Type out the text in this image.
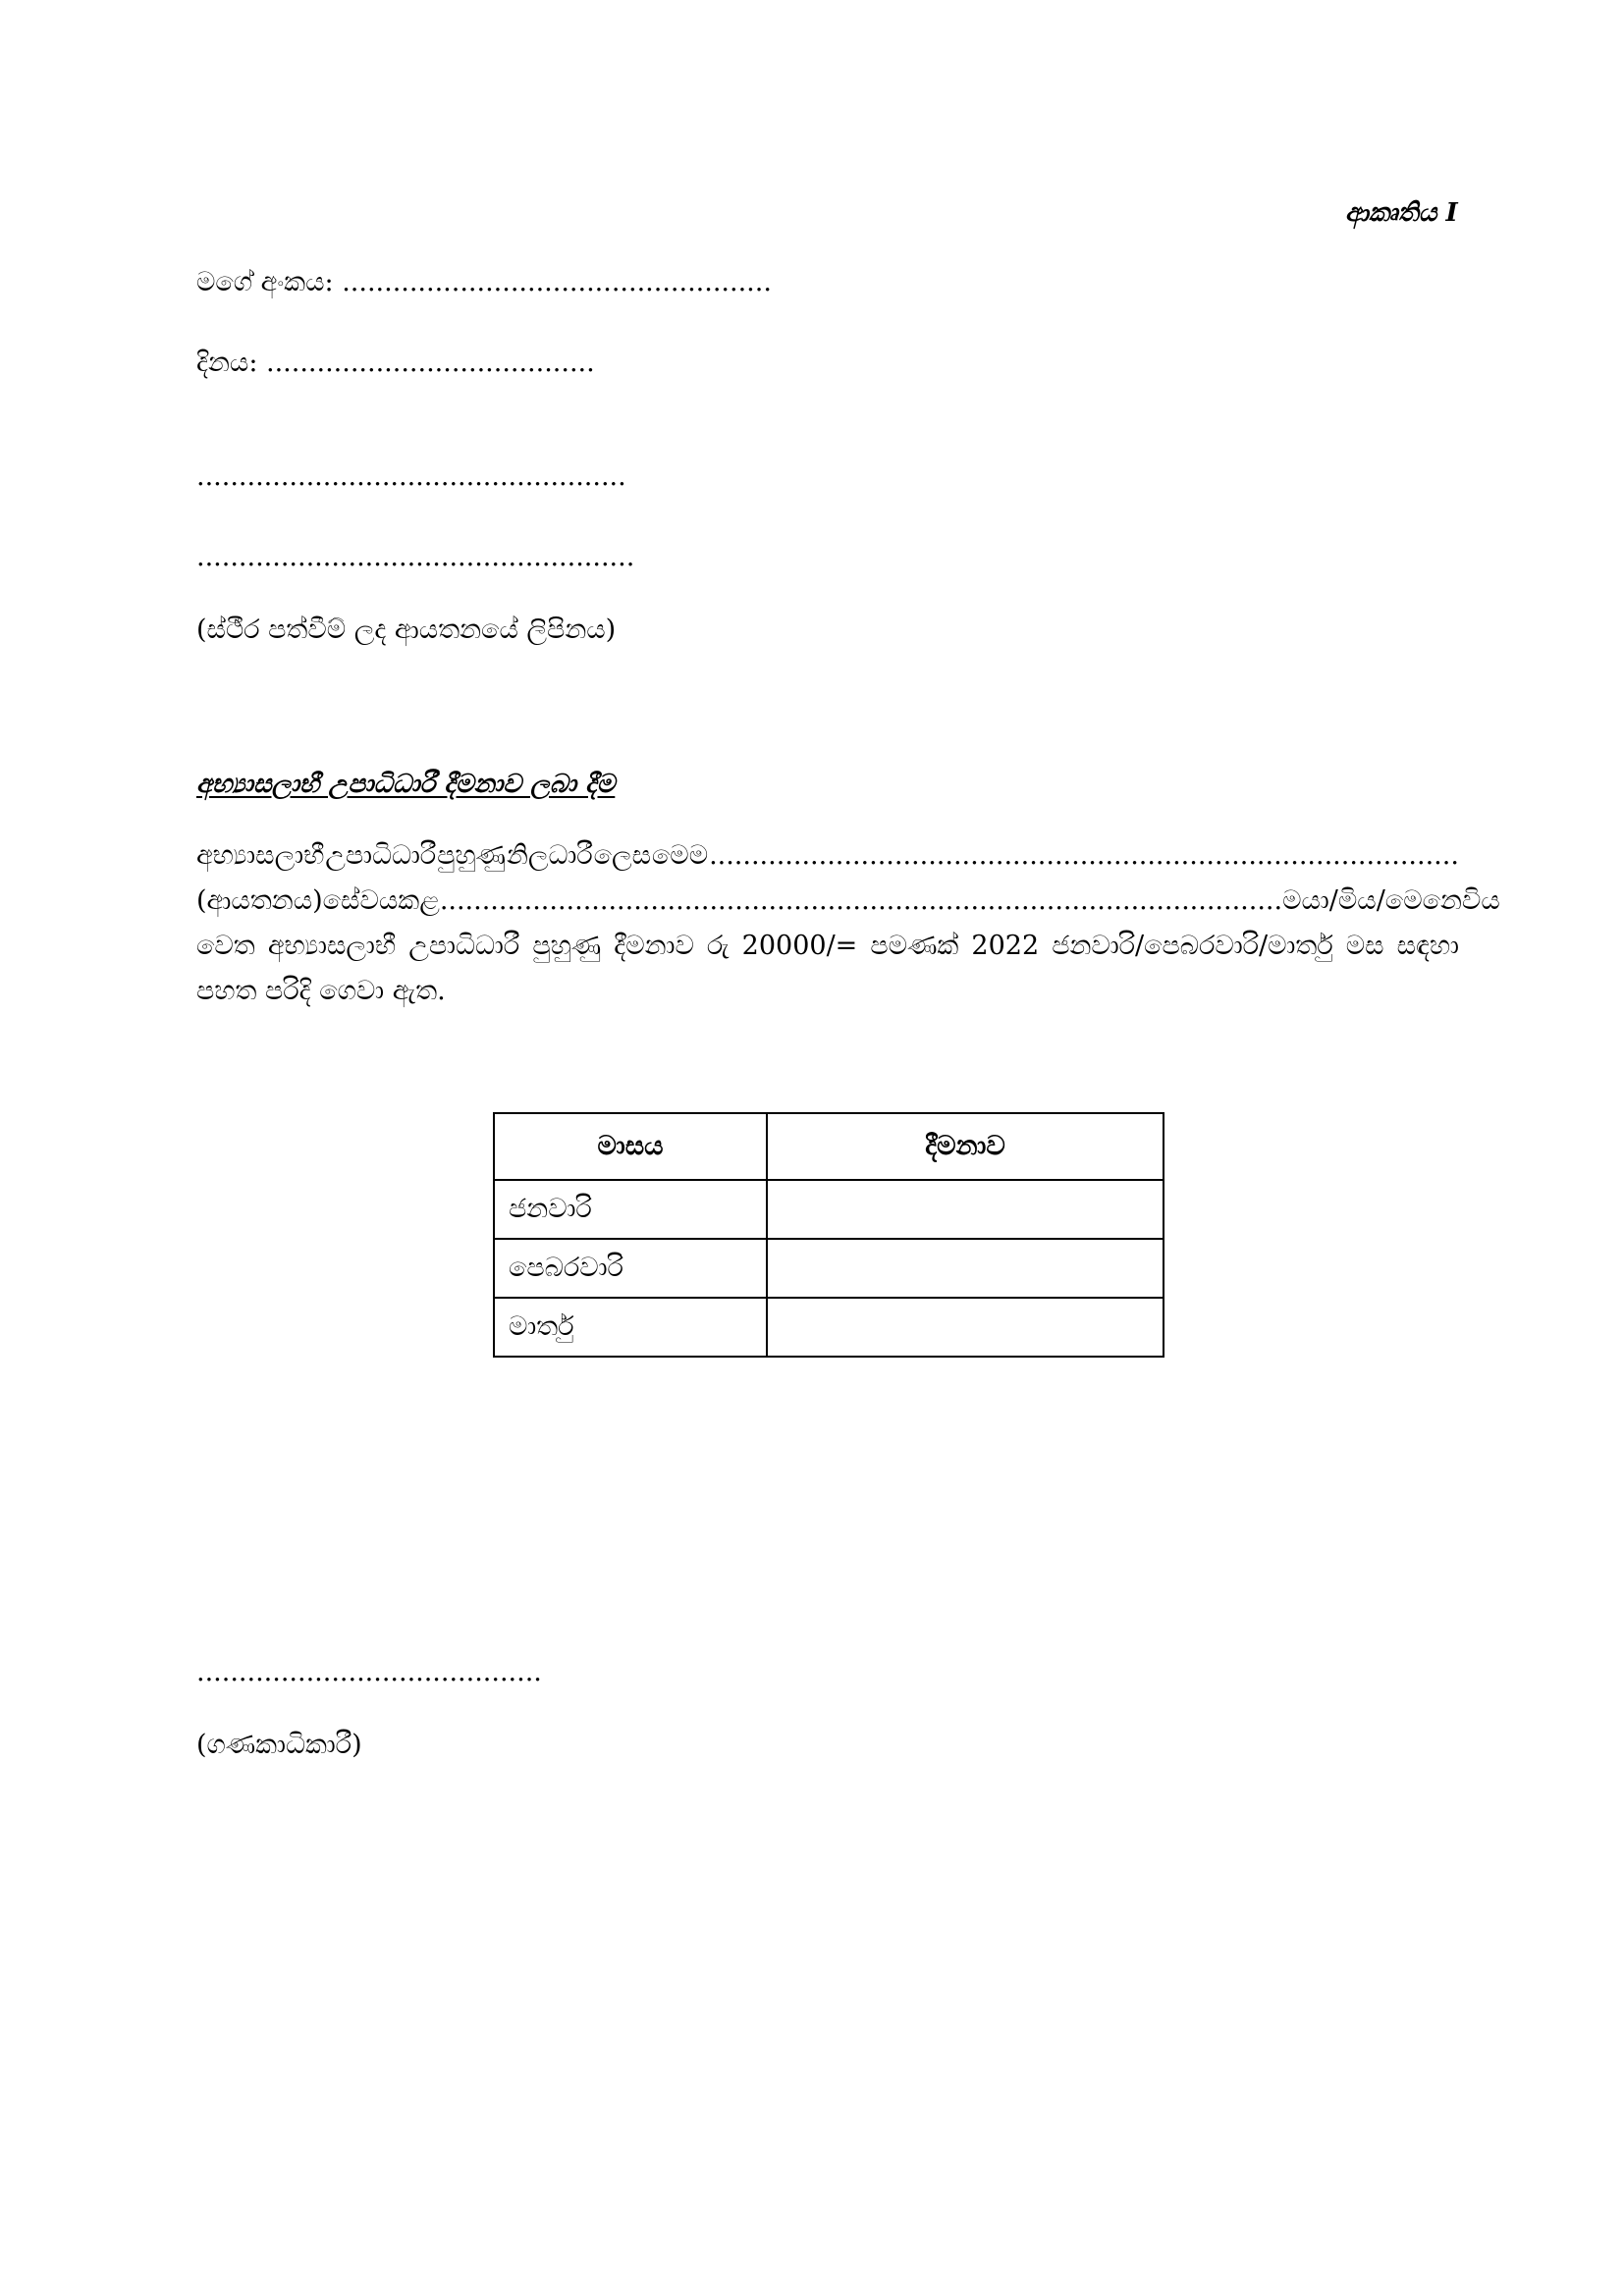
ආකෘතිය I
මගේ අංකය: ...................................................
දිනය: .......................................
...................................................
....................................................
(ස්ථීර පත්වීම් ලද ආයතනයේ ලිපිනය)
අභ්‍යාසලාභී උපාධිධාරී දීමනාව ලබා දීම
අභ්‍යාසලාභී උපාධිධාරී පුහුණු නිලධාරී ලෙස මෙම .........................................................................................
(ආයතනය) සේවය කළ .................................................................................................... මයා/මිය/මෙනෙවිය
වෙත අභ්‍යාසලාභී උපාධිධාරී පුහුණු දීමනාව රු 20000/= පමණක් 2022 ජනවාරි/පෙබරවාරි/මාර්තු මස සඳහා
පහත පරිදි ගෙවා ඇත.
මාසය	දීමනාව
ජනවාරි	
පෙබරවාරි	
මාර්තු	
.........................................
(ගණකාධිකාරී)
